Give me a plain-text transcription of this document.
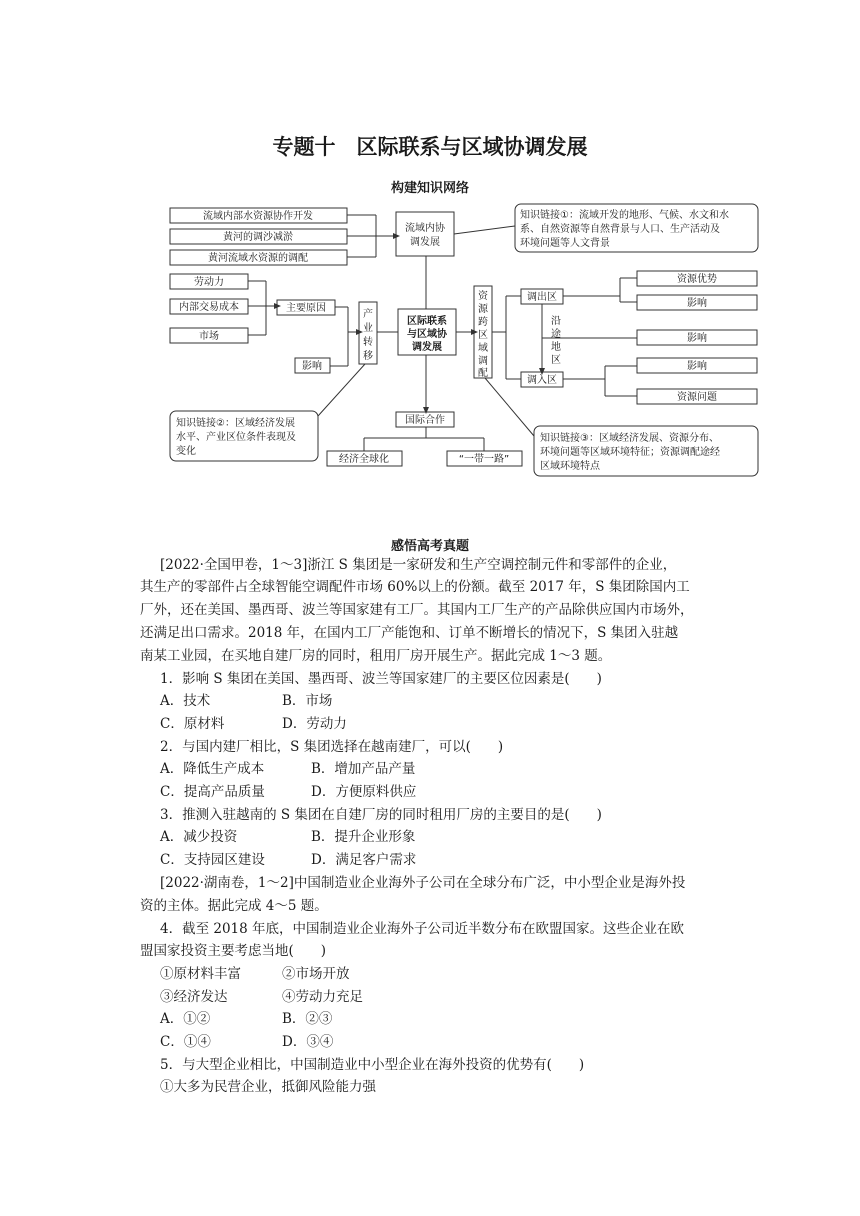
专题十　区际联系与区域协调发展
构建知识网络
流域内部水资源协作开发
黄河的调沙减淤
黄河流域水资源的调配
流域内协
调发展
知识链接①：流域开发的地形、气候、水文和水
系、自然资源等自然背景与人口、生产活动及
环境问题等人文背景
劳动力
内部交易成本
市场
主要原因
影响
产
业
转
移
区际联系
与区域协
调发展
资
源
跨
区
域
调
配
调出区
调入区
沿
途
地
区
资源优势
影响
影响
影响
资源问题
知识链接②：区域经济发展
水平、产业区位条件表现及
变化
国际合作
经济全球化	“一带一路”
知识链接③：区域经济发展、资源分布、
环境问题等区域环境特征；资源调配途经
区域环境特点
感悟高考真题
[2022·全国甲卷，1～3]浙江 S 集团是一家研发和生产空调控制元件和零部件的企业，
其生产的零部件占全球智能空调配件市场 60%以上的份额。截至 2017 年，S 集团除国内工
厂外，还在美国、墨西哥、波兰等国家建有工厂。其国内工厂生产的产品除供应国内市场外，
还满足出口需求。2018 年，在国内工厂产能饱和、订单不断增长的情况下，S 集团入驻越
南某工业园，在买地自建厂房的同时，租用厂房开展生产。据此完成 1～3 题。
1．影响 S 集团在美国、墨西哥、波兰等国家建厂的主要区位因素是(　　)
A．技术	B．市场
C．原材料	D．劳动力
2．与国内建厂相比，S 集团选择在越南建厂，可以(　　)
A．降低生产成本	B．增加产品产量
C．提高产品质量	D．方便原料供应
3．推测入驻越南的 S 集团在自建厂房的同时租用厂房的主要目的是(　　)
A．减少投资	B．提升企业形象
C．支持园区建设	D．满足客户需求
[2022·湖南卷，1～2]中国制造业企业海外子公司在全球分布广泛，中小型企业是海外投
资的主体。据此完成 4～5 题。
4．截至 2018 年底，中国制造业企业海外子公司近半数分布在欧盟国家。这些企业在欧
盟国家投资主要考虑当地(　　)
①原材料丰富	②市场开放
③经济发达	④劳动力充足
A．①②	B．②③
C．①④	D．③④
5．与大型企业相比，中国制造业中小型企业在海外投资的优势有(　　)
①大多为民营企业，抵御风险能力强
